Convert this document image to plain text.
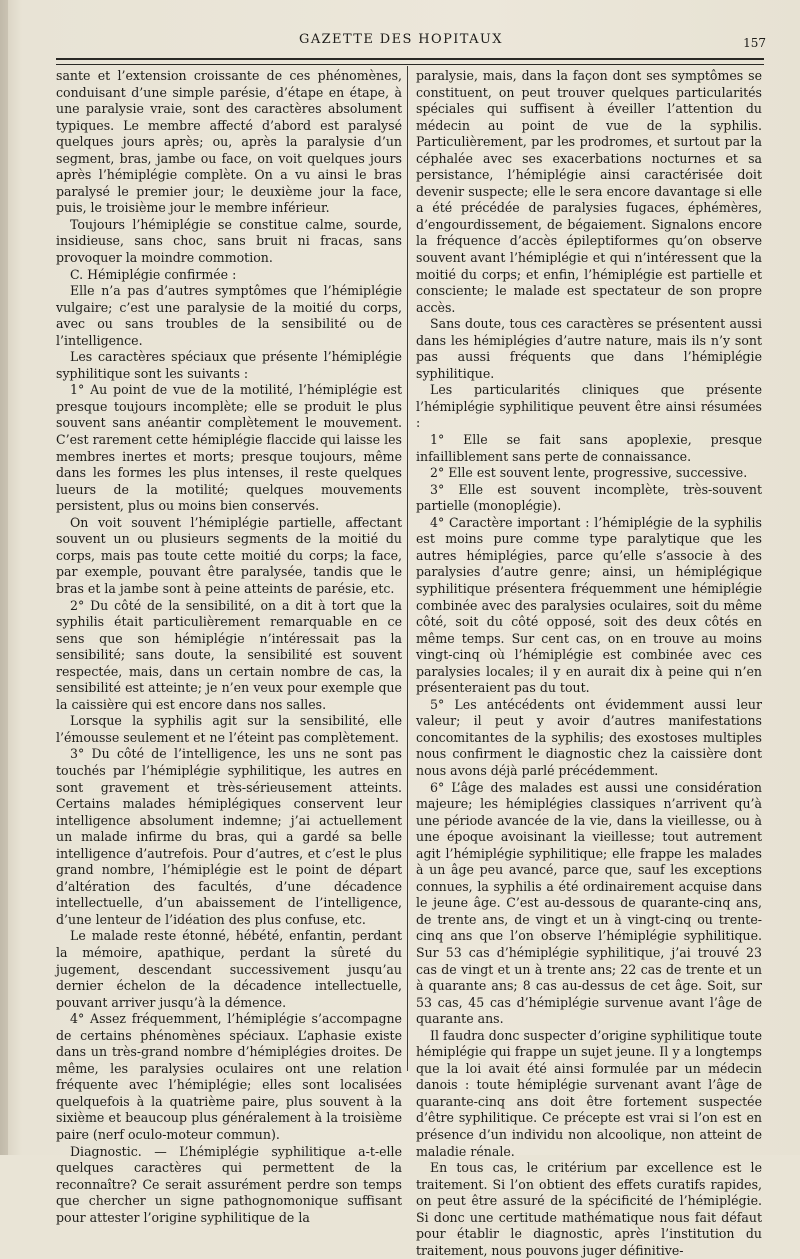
GAZETTE DES HOPITAUX	157

sante et l’extension croissante de ces phénomènes, conduisant d’une simple parésie, d’étape en étape, à une paralysie vraie, sont des caractères absolument typiques. Le membre affecté d’abord est paralysé quelques jours après; ou, après la paralysie d’un segment, bras, jambe ou face, on voit quelques jours après l’hémiplégie complète. On a vu ainsi le bras paralysé le premier jour; le deuxième jour la face, puis, le troisième jour le membre inférieur.

Toujours l’hémiplégie se constitue calme, sourde, insidieuse, sans choc, sans bruit ni fracas, sans provoquer la moindre commotion.

C. Hémiplégie confirmée :

Elle n’a pas d’autres symptômes que l’hémiplégie vulgaire; c’est une paralysie de la moitié du corps, avec ou sans troubles de la sensibilité ou de l’intelligence.

Les caractères spéciaux que présente l’hémiplégie syphilitique sont les suivants :

1° Au point de vue de la motilité, l’hémiplégie est presque toujours incomplète; elle se produit le plus souvent sans anéantir complètement le mouvement. C’est rarement cette hémiplégie flaccide qui laisse les membres inertes et morts; presque toujours, même dans les formes les plus intenses, il reste quelques lueurs de la motilité; quelques mouvements persistent, plus ou moins bien conservés.

On voit souvent l’hémiplégie partielle, affectant souvent un ou plusieurs segments de la moitié du corps, mais pas toute cette moitié du corps; la face, par exemple, pouvant être paralysée, tandis que le bras et la jambe sont à peine atteints de parésie, etc.

2° Du côté de la sensibilité, on a dit à tort que la syphilis était particulièrement remarquable en ce sens que son hémiplégie n’intéressait pas la sensibilité; sans doute, la sensibilité est souvent respectée, mais, dans un certain nombre de cas, la sensibilité est atteinte; je n’en veux pour exemple que la caissière qui est encore dans nos salles.

Lorsque la syphilis agit sur la sensibilité, elle l’émousse seulement et ne l’éteint pas complètement.

3° Du côté de l’intelligence, les uns ne sont pas touchés par l’hémiplégie syphilitique, les autres en sont gravement et très-sérieusement atteints. Certains malades hémiplégiques conservent leur intelligence absolument indemne; j’ai actuellement un malade infirme du bras, qui a gardé sa belle intelligence d’autrefois. Pour d’autres, et c’est le plus grand nombre, l’hémiplégie est le point de départ d’altération des facultés, d’une décadence intellectuelle, d’un abaissement de l’intelligence, d’une lenteur de l’idéation des plus confuse, etc.

Le malade reste étonné, hébété, enfantin, perdant la mémoire, apathique, perdant la sûreté du jugement, descendant successivement jusqu’au dernier échelon de la décadence intellectuelle, pouvant arriver jusqu’à la démence.

4° Assez fréquemment, l’hémiplégie s’accompagne de certains phénomènes spéciaux. L’aphasie existe dans un très-grand nombre d’hémiplégies droites. De même, les paralysies oculaires ont une relation fréquente avec l’hémiplégie; elles sont localisées quelquefois à la quatrième paire, plus souvent à la sixième et beaucoup plus généralement à la troisième paire (nerf oculo-moteur commun).

Diagnostic. — L’hémiplégie syphilitique a-t-elle quelques caractères qui permettent de la reconnaître? Ce serait assurément perdre son temps que chercher un signe pathognomonique suffisant pour attester l’origine syphilitique de la

paralysie, mais, dans la façon dont ses symptômes se constituent, on peut trouver quelques particularités spéciales qui suffisent à éveiller l’attention du médecin au point de vue de la syphilis. Particulièrement, par les prodromes, et surtout par la céphalée avec ses exacerbations nocturnes et sa persistance, l’hémiplégie ainsi caractérisée doit devenir suspecte; elle le sera encore davantage si elle a été précédée de paralysies fugaces, éphémères, d’engourdissement, de bégaiement. Signalons encore la fréquence d’accès épileptiformes qu’on observe souvent avant l’hémiplégie et qui n’intéressent que la moitié du corps; et enfin, l’hémiplégie est partielle et consciente; le malade est spectateur de son propre accès.

Sans doute, tous ces caractères se présentent aussi dans les hémiplégies d’autre nature, mais ils n’y sont pas aussi fréquents que dans l’hémiplégie syphilitique.

Les particularités cliniques que présente l’hémiplégie syphilitique peuvent être ainsi résumées :

1° Elle se fait sans apoplexie, presque infailliblement sans perte de connaissance.

2° Elle est souvent lente, progressive, successive.

3° Elle est souvent incomplète, très-souvent partielle (monoplégie).

4° Caractère important : l’hémiplégie de la syphilis est moins pure comme type paralytique que les autres hémiplégies, parce qu’elle s’associe à des paralysies d’autre genre; ainsi, un hémiplégique syphilitique présentera fréquemment une hémiplégie combinée avec des paralysies oculaires, soit du même côté, soit du côté opposé, soit des deux côtés en même temps. Sur cent cas, on en trouve au moins vingt-cinq où l’hémiplégie est combinée avec ces paralysies locales; il y en aurait dix à peine qui n’en présenteraient pas du tout.

5° Les antécédents ont évidemment aussi leur valeur; il peut y avoir d’autres manifestations concomitantes de la syphilis; des exostoses multiples nous confirment le diagnostic chez la caissière dont nous avons déjà parlé précédemment.

6° L’âge des malades est aussi une considération majeure; les hémiplégies classiques n’arrivent qu’à une période avancée de la vie, dans la vieillesse, ou à une époque avoisinant la vieillesse; tout autrement agit l’hémiplégie syphilitique; elle frappe les malades à un âge peu avancé, parce que, sauf les exceptions connues, la syphilis a été ordinairement acquise dans le jeune âge. C’est au-dessous de quarante-cinq ans, de trente ans, de vingt et un à vingt-cinq ou trente-cinq ans que l’on observe l’hémiplégie syphilitique. Sur 53 cas d’hémiplégie syphilitique, j’ai trouvé 23 cas de vingt et un à trente ans; 22 cas de trente et un à quarante ans; 8 cas au-dessus de cet âge. Soit, sur 53 cas, 45 cas d’hémiplégie survenue avant l’âge de quarante ans.

Il faudra donc suspecter d’origine syphilitique toute hémiplégie qui frappe un sujet jeune. Il y a longtemps que la loi avait été ainsi formulée par un médecin danois : toute hémiplégie survenant avant l’âge de quarante-cinq ans doit être fortement suspectée d’être syphilitique. Ce précepte est vrai si l’on est en présence d’un individu non alcoolique, non atteint de maladie rénale.

En tous cas, le critérium par excellence est le traitement. Si l’on obtient des effets curatifs rapides, on peut être assuré de la spécificité de l’hémiplégie. Si donc une certitude mathématique nous fait défaut pour établir le diagnostic, après l’institution du traitement, nous pouvons juger définitive-
